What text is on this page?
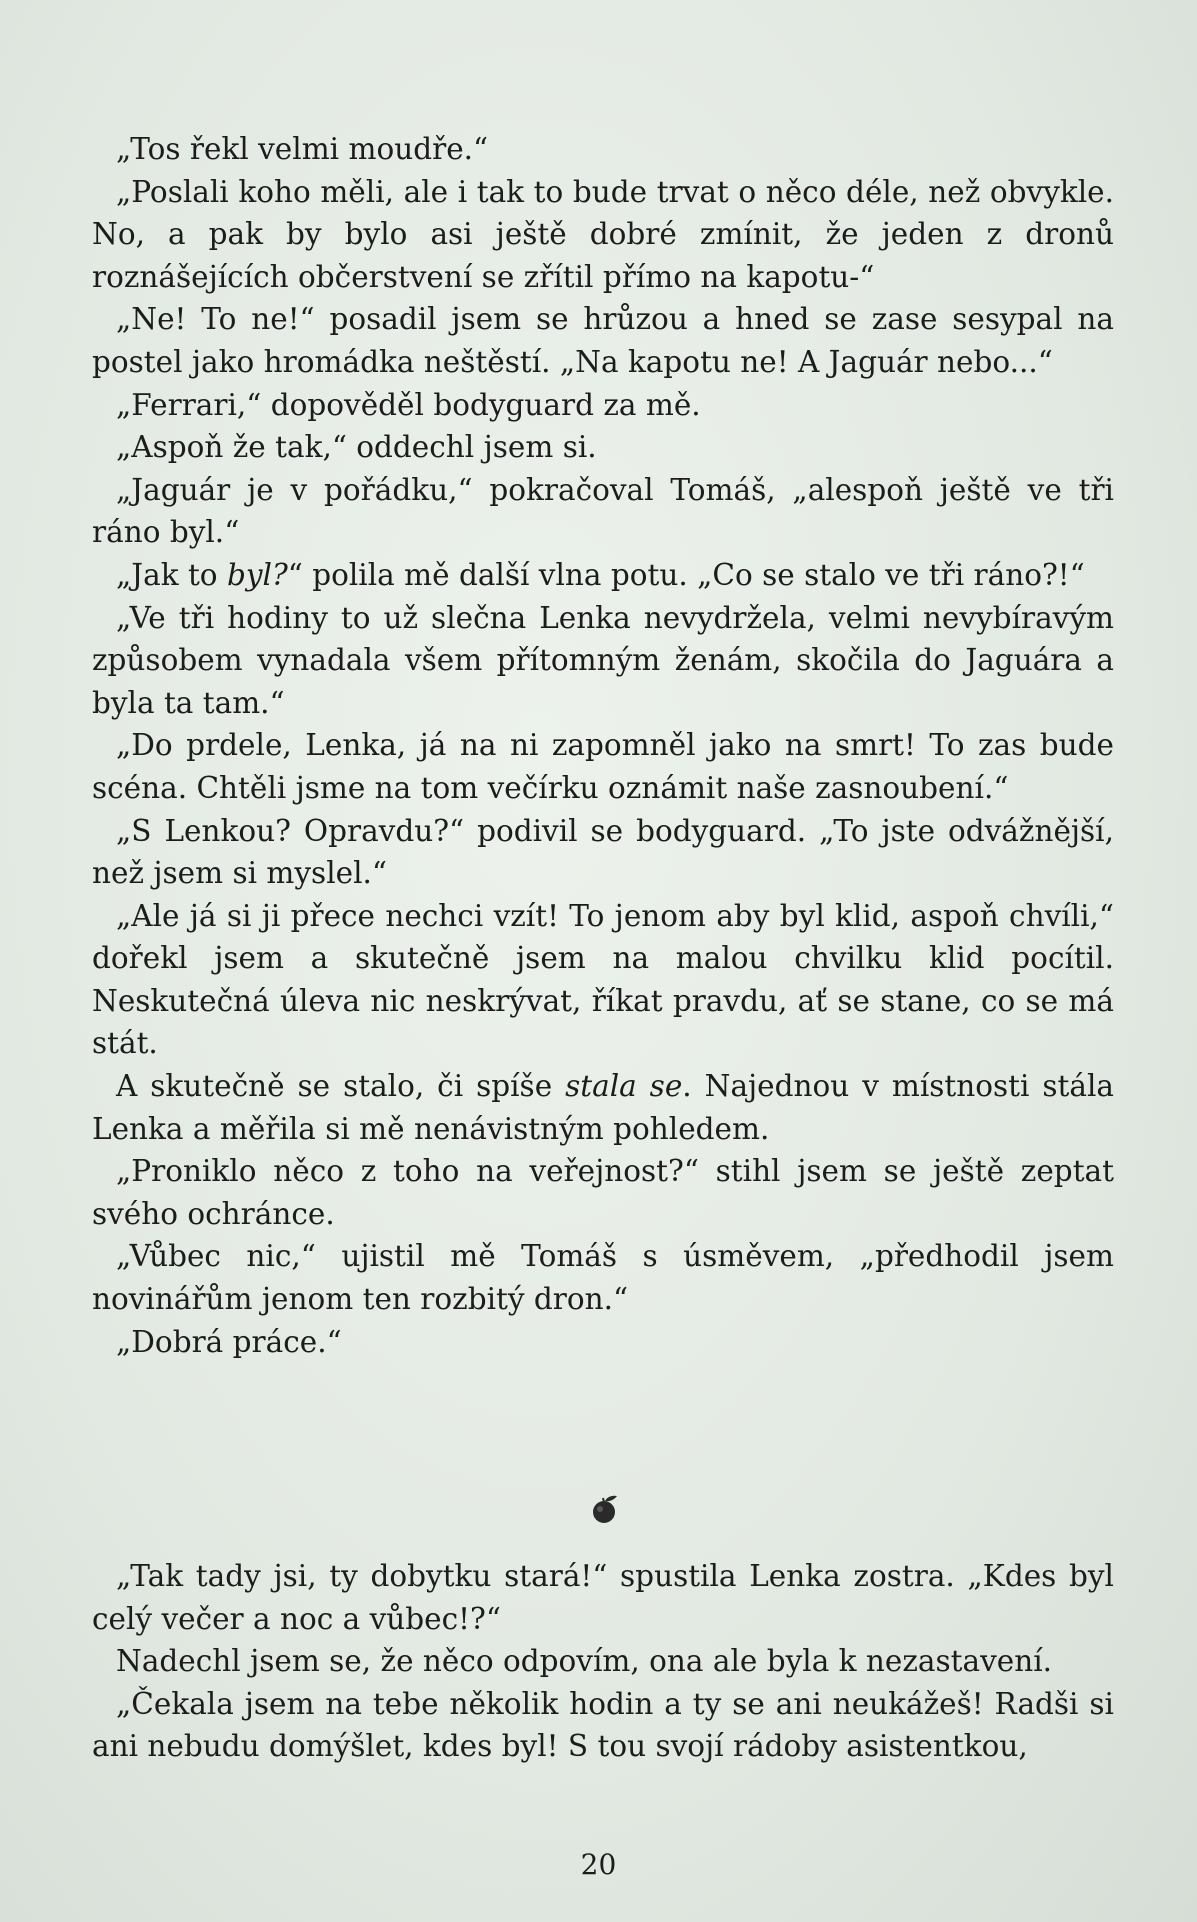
„Tos řekl velmi moudře.“

„Poslali koho měli, ale i tak to bude trvat o něco déle, než obvykle. No, a pak by bylo asi ještě dobré zmínit, že jeden z dronů roznášejících občerstvení se zřítil přímo na kapotu-“

„Ne! To ne!“ posadil jsem se hrůzou a hned se zase sesypal na postel jako hromádka neštěstí. „Na kapotu ne! A Jaguár nebo...“

„Ferrari,“ dopověděl bodyguard za mě.

„Aspoň že tak,“ oddechl jsem si.

„Jaguár je v pořádku,“ pokračoval Tomáš, „alespoň ještě ve tři ráno byl.“

„Jak to byl?“ polila mě další vlna potu. „Co se stalo ve tři ráno?!“

„Ve tři hodiny to už slečna Lenka nevydržela, velmi nevybíravým způsobem vynadala všem přítomným ženám, skočila do Jaguára a byla ta tam.“

„Do prdele, Lenka, já na ni zapomněl jako na smrt! To zas bude scéna. Chtěli jsme na tom večírku oznámit naše zasnoubení.“

„S Lenkou? Opravdu?“ podivil se bodyguard. „To jste odvážnější, než jsem si myslel.“

„Ale já si ji přece nechci vzít! To jenom aby byl klid, aspoň chvíli,“ dořekl jsem a skutečně jsem na malou chvilku klid pocítil. Neskutečná úleva nic neskrývat, říkat pravdu, ať se stane, co se má stát.

A skutečně se stalo, či spíše stala se. Najednou v místnosti stála Lenka a měřila si mě nenávistným pohledem.

„Proniklo něco z toho na veřejnost?“ stihl jsem se ještě zeptat svého ochránce.

„Vůbec nic,“ ujistil mě Tomáš s úsměvem, „předhodil jsem novinářům jenom ten rozbitý dron.“

„Dobrá práce.“

„Tak tady jsi, ty dobytku stará!“ spustila Lenka zostra. „Kdes byl celý večer a noc a vůbec!?“

Nadechl jsem se, že něco odpovím, ona ale byla k nezastavení.

„Čekala jsem na tebe několik hodin a ty se ani neukážeš! Radši si ani nebudu domýšlet, kdes byl! S tou svojí rádoby asistentkou,

20
